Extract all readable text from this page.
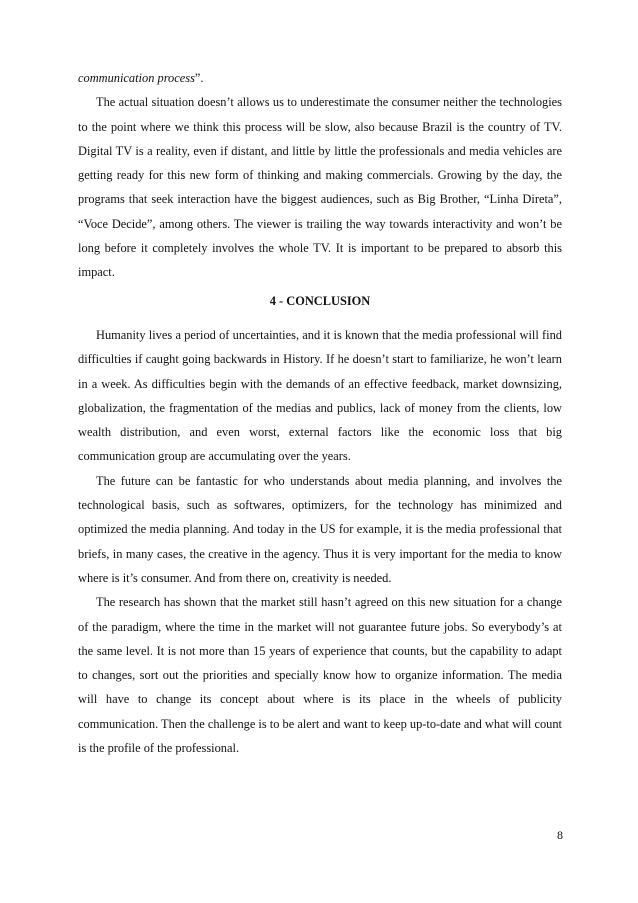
communication process”.

The actual situation doesn’t allows us to underestimate the consumer neither the technologies to the point where we think this process will be slow, also because Brazil is the country of TV. Digital TV is a reality, even if distant, and little by little the professionals and media vehicles are getting ready for this new form of thinking and making commercials. Growing by the day, the programs that seek interaction have the biggest audiences, such as Big Brother, “Linha Direta”, “Voce Decide”, among others. The viewer is trailing the way towards interactivity and won’t be long before it completely involves the whole TV. It is important to be prepared to absorb this impact.

4 - CONCLUSION

Humanity lives a period of uncertainties, and it is known that the media professional will find difficulties if caught going backwards in History. If he doesn’t start to familiarize, he won’t learn in a week. As difficulties begin with the demands of an effective feedback, market downsizing, globalization, the fragmentation of the medias and publics, lack of money from the clients, low wealth distribution, and even worst, external factors like the economic loss that big communication group are accumulating over the years.

The future can be fantastic for who understands about media planning, and involves the technological basis, such as softwares, optimizers, for the technology has minimized and optimized the media planning. And today in the US for example, it is the media professional that briefs, in many cases, the creative in the agency. Thus it is very important for the media to know where is it’s consumer. And from there on, creativity is needed.

The research has shown that the market still hasn’t agreed on this new situation for a change of the paradigm, where the time in the market will not guarantee future jobs. So everybody’s at the same level. It is not more than 15 years of experience that counts, but the capability to adapt to changes, sort out the priorities and specially know how to organize information. The media will have to change its concept about where is its place in the wheels of publicity communication. Then the challenge is to be alert and want to keep up-to-date and what will count is the profile of the professional.

8
